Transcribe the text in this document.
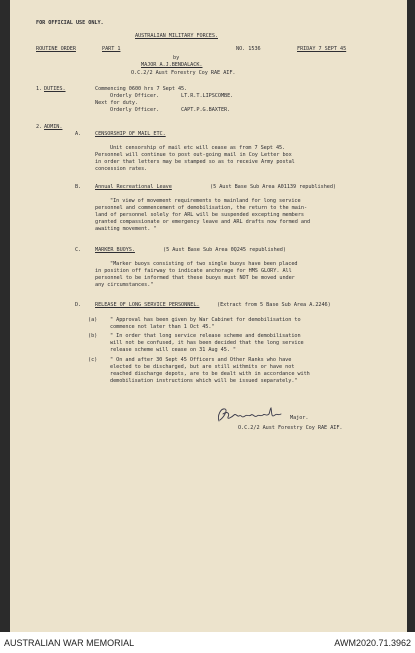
FOR OFFICIAL USE ONLY.
AUSTRALIAN MILITARY FORCES.
ROUTINE ORDER	PART 1	NO. 1536	FRIDAY 7 SEPT 45
by
MAJOR A.J.BENDALACK.
O.C.2/2 Aust Forestry Coy RAE AIF.
1. DUTIES.	Commencing 0600 hrs 7 Sept 45.
Orderly Officer.	LT.R.T.LIPSCOMBE.
Next for duty.
Orderly Officer.	CAPT.P.G.BAXTER.
2. ADMIN.
A.	CENSORSHIP OF MAIL ETC.
Unit censorship of mail etc will cease as from 7 Sept 45.
Personnel will continue to post out-going mail in Coy Letter box
in order that letters may be stamped so as to receive Army postal
concession rates.
B.	Annual Recreational Leave	(5 Aust Base Sub Area A01139 republished)
"In view of movement requirements to mainland for long service
personnel and commencement of demobilisation, the return to the main-
land of personnel solely for ARL will be suspended excepting members
granted compassionate or emergency leave and ARL drafts now formed and
awaiting movement. "
C.	MARKER BUOYS.	(5 Aust Base Sub Area 0Q245 republished)
"Marker buoys consisting of two single buoys have been placed
in position off fairway to indicate anchorage for HMS GLORY. All
personnel to be informed that these buoys must NOT be moved under
any circumstances."
D.	RELEASE OF LONG SERVICE PERSONNEL.	(Extract from 5 Base Sub Area A.2246)
(a) " Approval has been given by War Cabinet for demobilisation to
commence not later than 1 Oct 45."
(b) " In order that long service release scheme and demobilisation
will not be confused, it has been decided that the long service
release scheme will cease on 31 Aug 45. "
(c) " On and after 30 Sept 45 Officers and Other Ranks who have
elected to be discharged, but are still withmits or have not
reached discharge depots, are to be dealt with in accordance with
demobilisation instructions which will be issued separately."
Major.
O.C.2/2 Aust Forestry Coy RAE AIF.
AUSTRALIAN WAR MEMORIAL	AWM2020.71.3962
